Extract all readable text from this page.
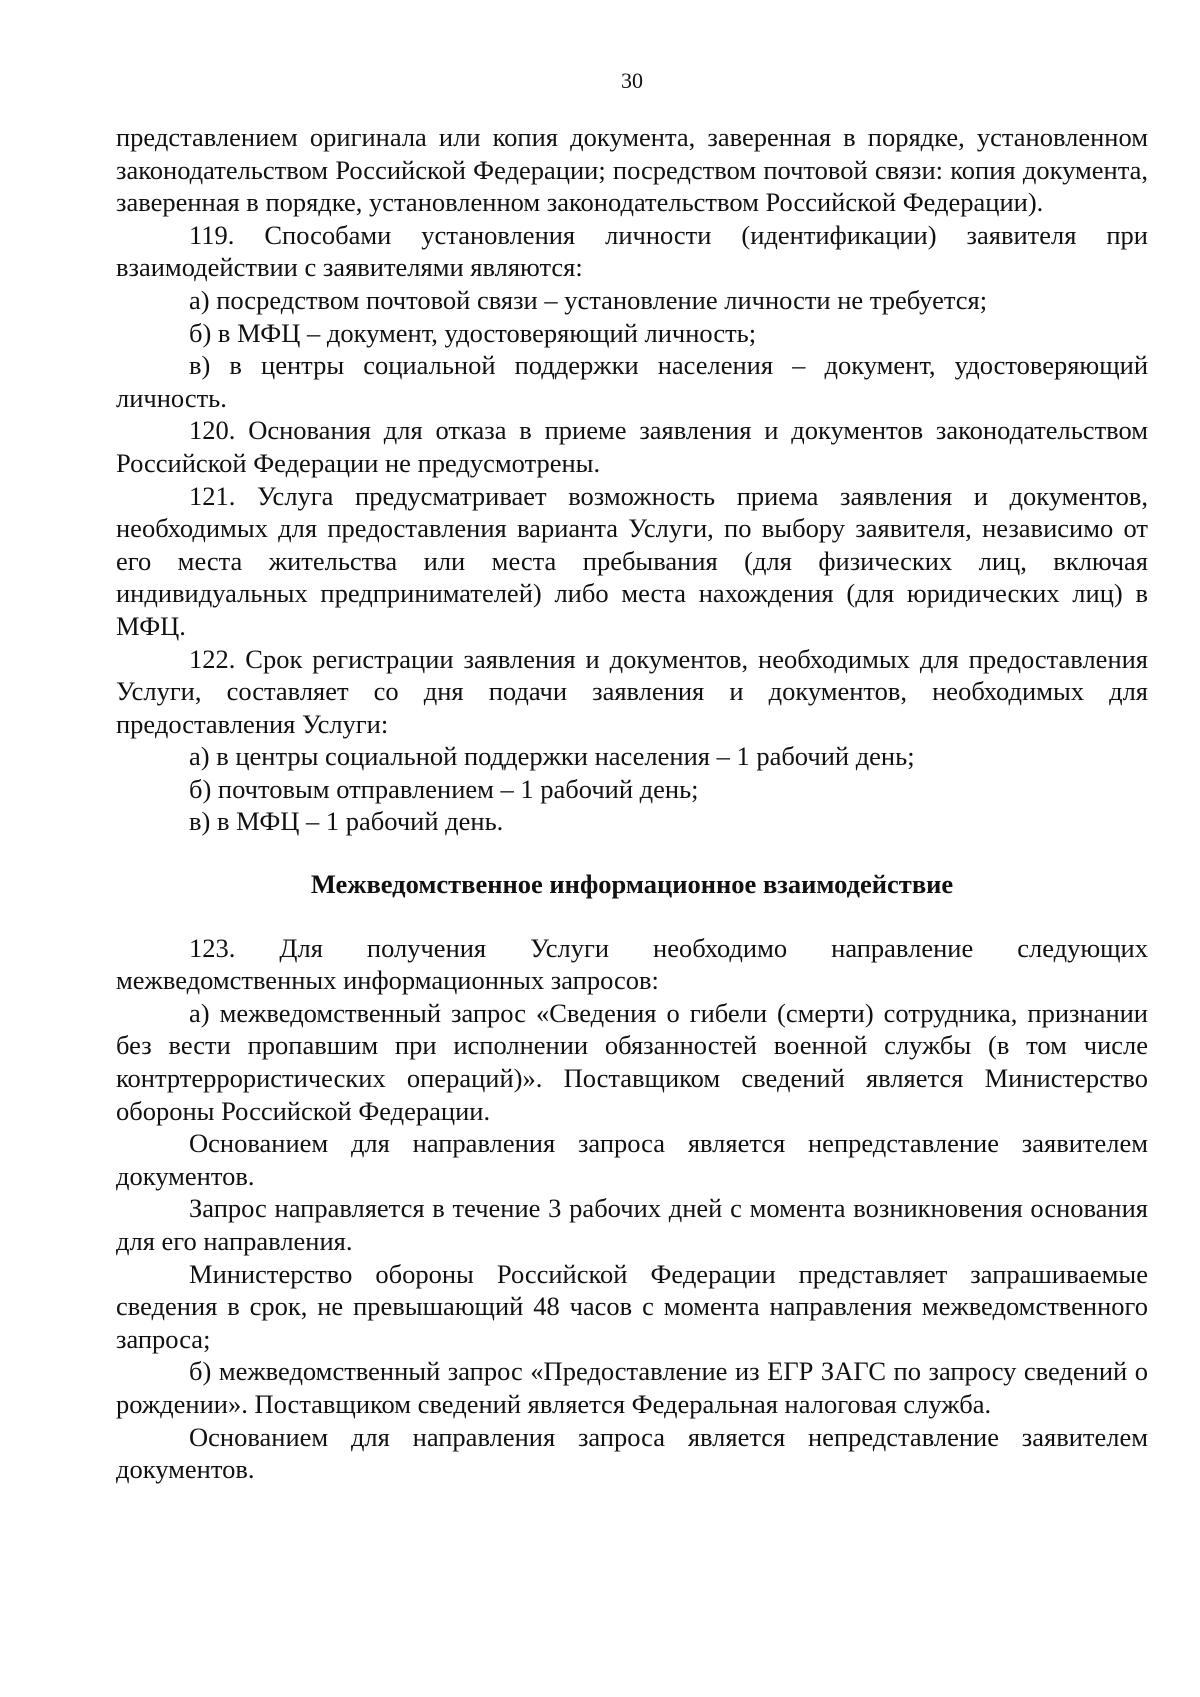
30

представлением оригинала или копия документа, заверенная в порядке, установленном законодательством Российской Федерации; посредством почтовой связи: копия документа, заверенная в порядке, установленном законодательством Российской Федерации).

119. Способами установления личности (идентификации) заявителя при взаимодействии с заявителями являются:

а) посредством почтовой связи – установление личности не требуется;

б) в МФЦ – документ, удостоверяющий личность;

в) в центры социальной поддержки населения – документ, удостоверяющий личность.

120. Основания для отказа в приеме заявления и документов законодательством Российской Федерации не предусмотрены.

121. Услуга предусматривает возможность приема заявления и документов, необходимых для предоставления варианта Услуги, по выбору заявителя, независимо от его места жительства или места пребывания (для физических лиц, включая индивидуальных предпринимателей) либо места нахождения (для юридических лиц) в МФЦ.

122. Срок регистрации заявления и документов, необходимых для предоставления Услуги, составляет со дня подачи заявления и документов, необходимых для предоставления Услуги:

а) в центры социальной поддержки населения – 1 рабочий день;

б) почтовым отправлением – 1 рабочий день;

в) в МФЦ – 1 рабочий день.

Межведомственное информационное взаимодействие

123. Для получения Услуги необходимо направление следующих межведомственных информационных запросов:

а) межведомственный запрос «Сведения о гибели (смерти) сотрудника, признании без вести пропавшим при исполнении обязанностей военной службы (в том числе контртеррористических операций)». Поставщиком сведений является Министерство обороны Российской Федерации.

Основанием для направления запроса является непредставление заявителем документов.

Запрос направляется в течение 3 рабочих дней с момента возникновения основания для его направления.

Министерство обороны Российской Федерации представляет запрашиваемые сведения в срок, не превышающий 48 часов с момента направления межведомственного запроса;

б) межведомственный запрос «Предоставление из ЕГР ЗАГС по запросу сведений о рождении». Поставщиком сведений является Федеральная налоговая служба.

Основанием для направления запроса является непредставление заявителем документов.
